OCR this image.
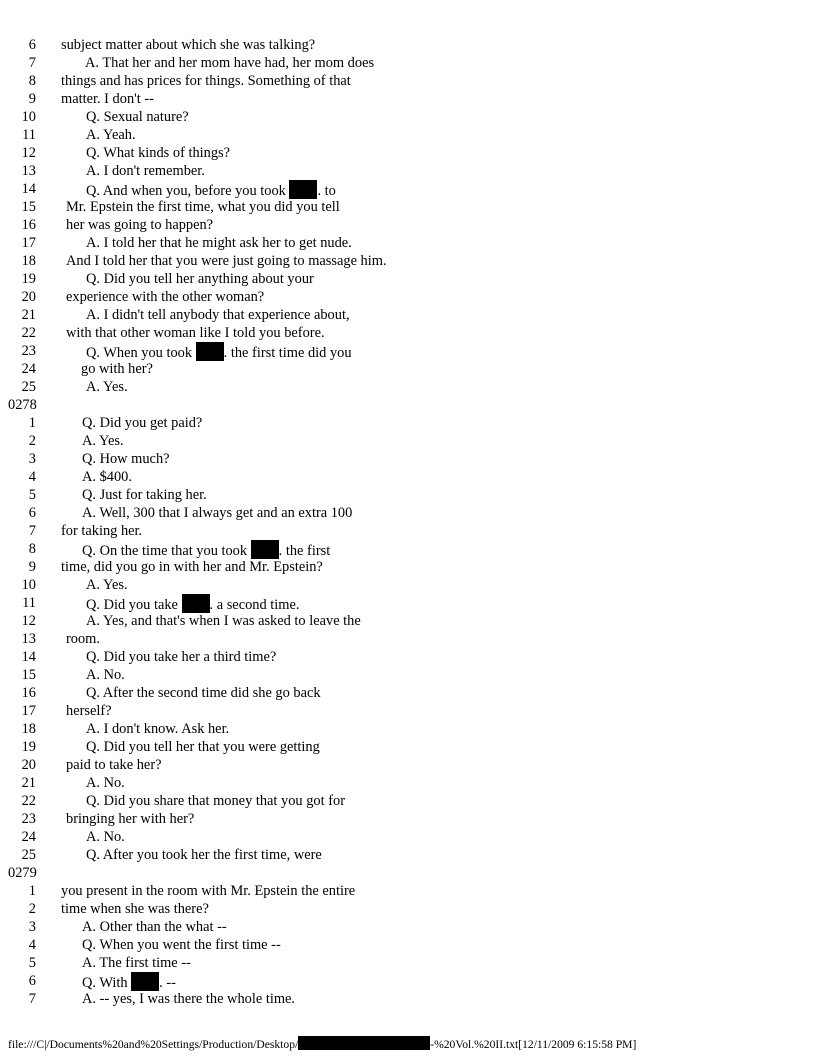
6 subject matter about which she was talking?
7	A. That her and her mom have had, her mom does
8 things and has prices for things. Something of that
9 matter. I don't --
10	Q. Sexual nature?
11	A. Yeah.
12	Q. What kinds of things?
13	A. I don't remember.
14	Q. And when you, before you took . to
15 Mr. Epstein the first time, what you did you tell
16 her was going to happen?
17	A. I told her that he might ask her to get nude.
18 And I told her that you were just going to massage him.
19	Q. Did you tell her anything about your
20 experience with the other woman?
21	A. I didn't tell anybody that experience about,
22 with that other woman like I told you before.
23	Q. When you took . the first time did you
24	go with her?
25	A. Yes.
0278
1	Q. Did you get paid?
2	A. Yes.
3	Q. How much?
4	A. $400.
5	Q. Just for taking her.
6	A. Well, 300 that I always get and an extra 100
7 for taking her.
8	Q. On the time that you took . the first
9 time, did you go in with her and Mr. Epstein?
10	A. Yes.
11	Q. Did you take . a second time.
12	A. Yes, and that's when I was asked to leave the
13 room.
14	Q. Did you take her a third time?
15	A. No.
16	Q. After the second time did she go back
17 herself?
18	A. I don't know. Ask her.
19	Q. Did you tell her that you were getting
20 paid to take her?
21	A. No.
22	Q. Did you share that money that you got for
23 bringing her with her?
24	A. No.
25	Q. After you took her the first time, were
0279
1 you present in the room with Mr. Epstein the entire
2 time when she was there?
3	A. Other than the what --
4	Q. When you went the first time --
5	A. The first time --
6	Q. With . --
7	A. -- yes, I was there the whole time.
file:///C|/Documents%20and%20Settings/Production/Desktop/	-%20Vol.%20II.txt[12/11/2009 6:15:58 PM]
